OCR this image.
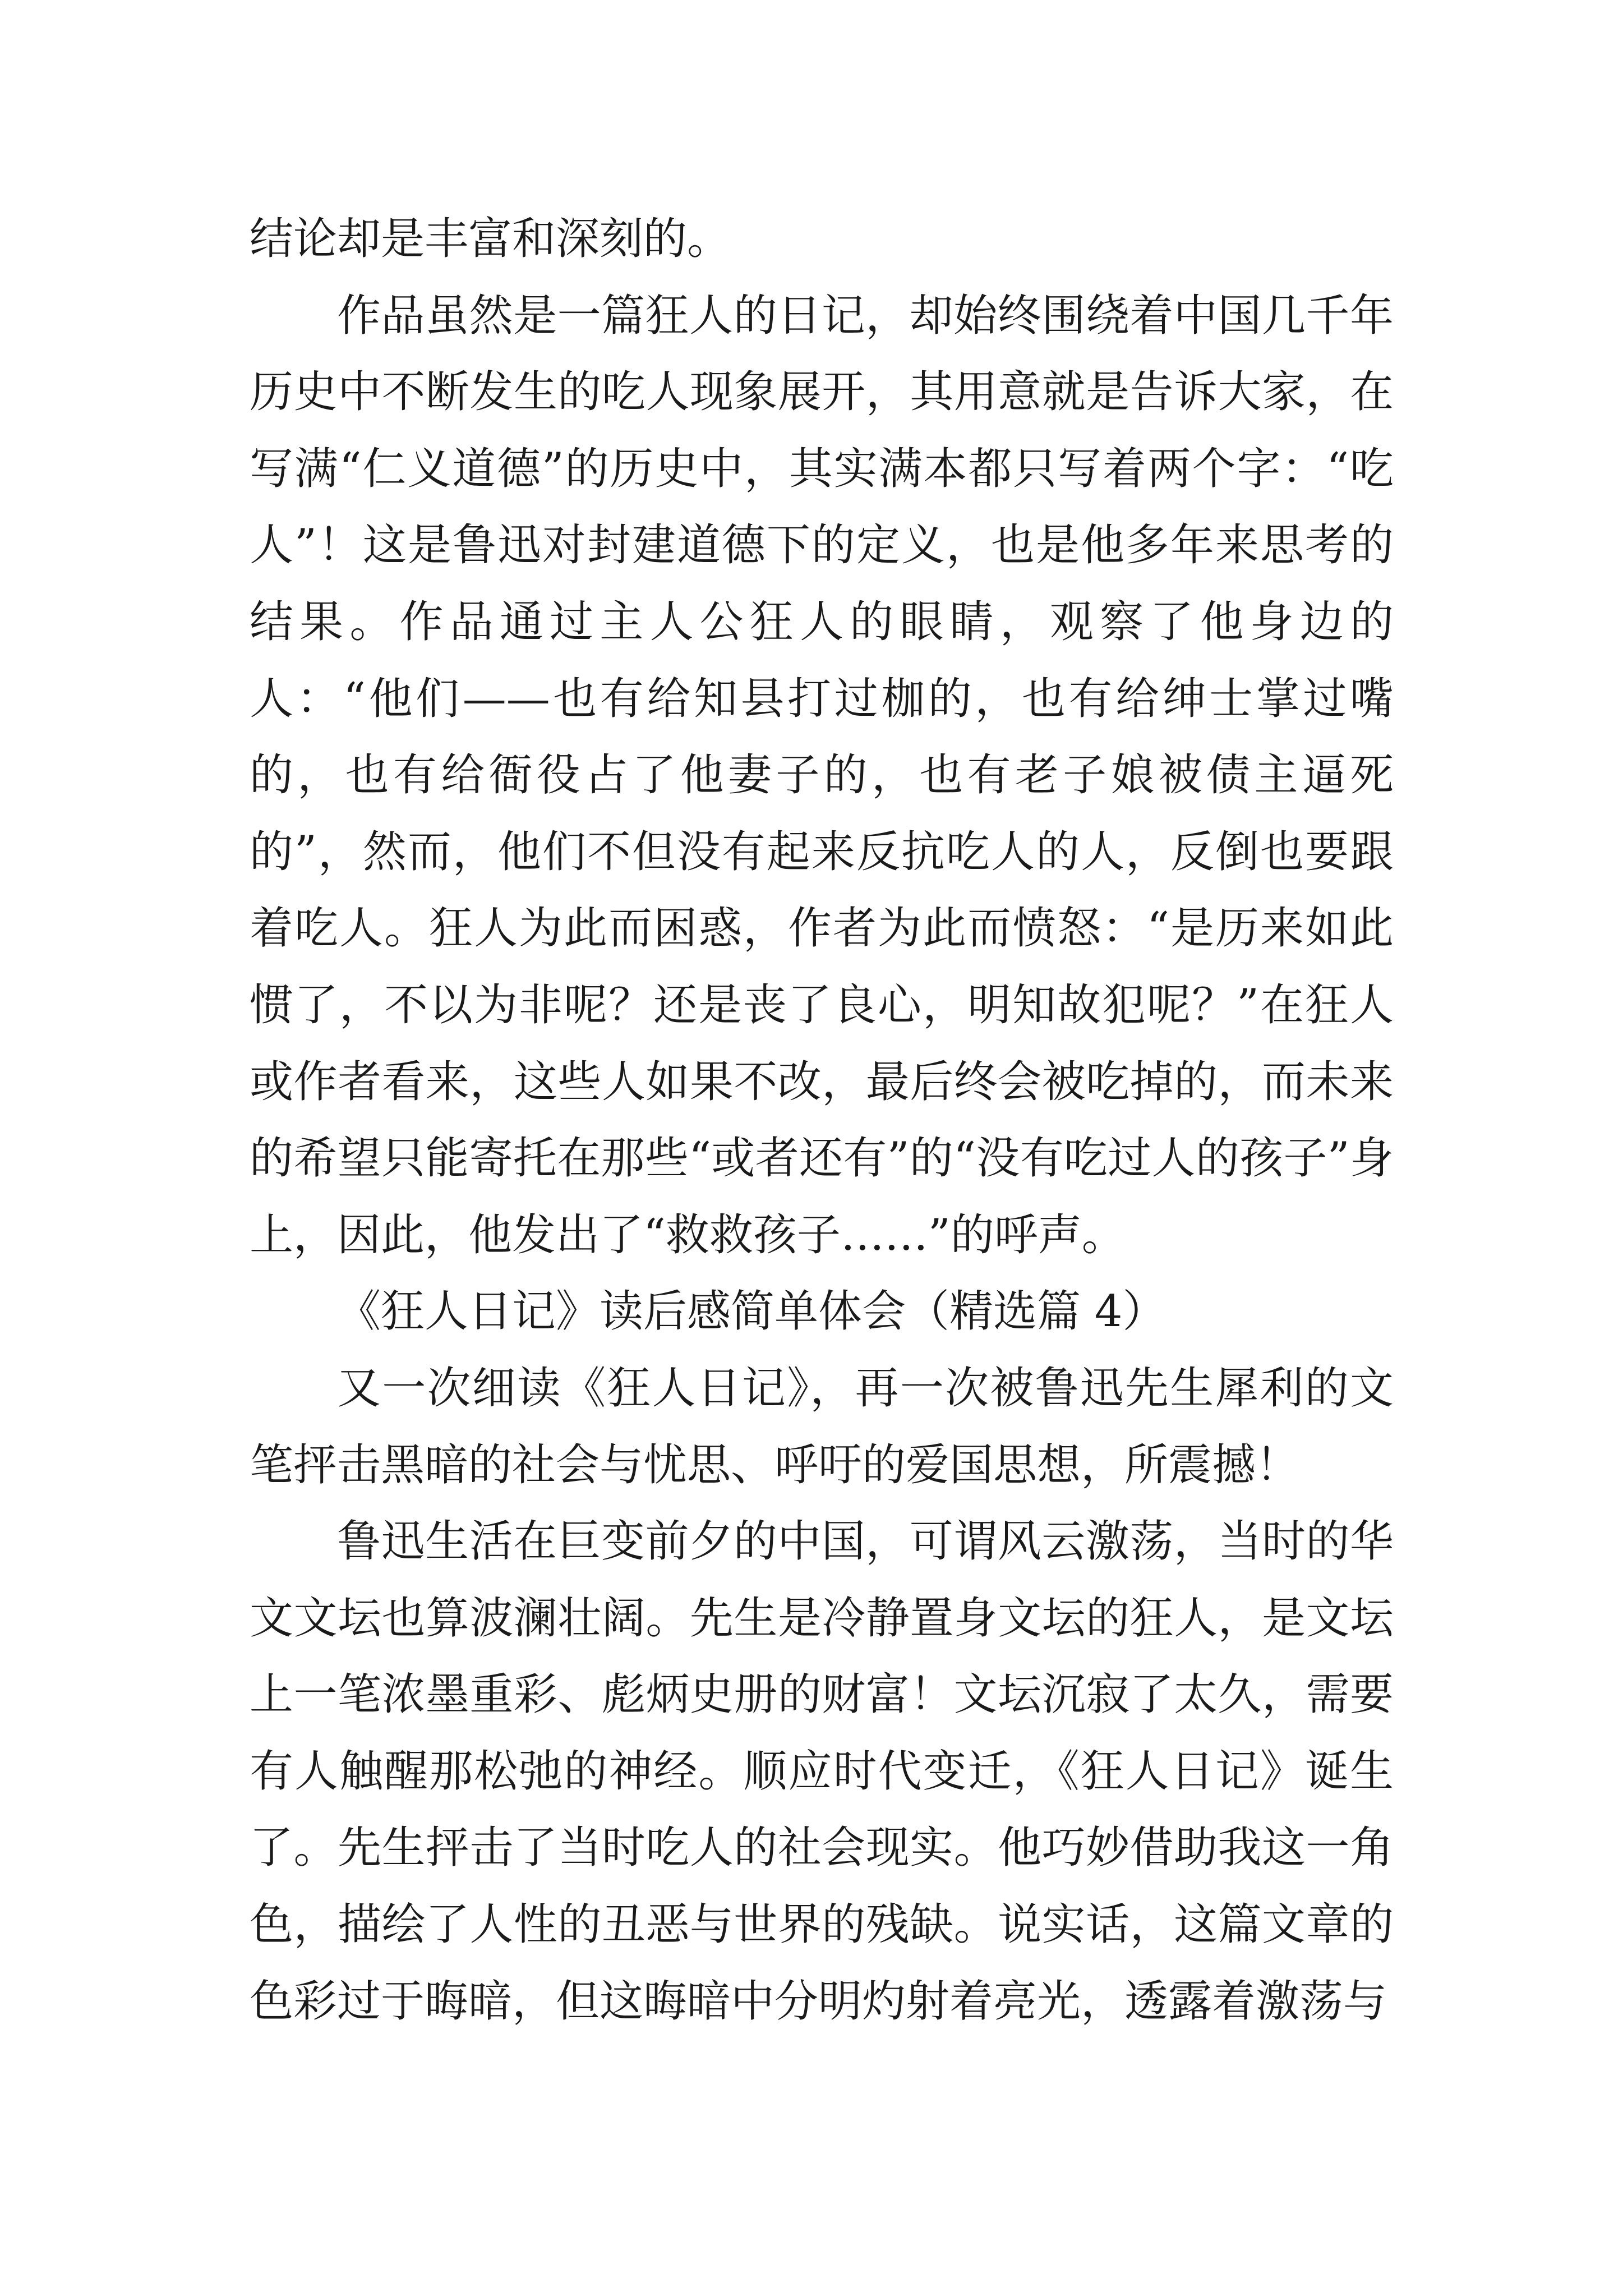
结论却是丰富和深刻的。

作品虽然是一篇狂人的日记，却始终围绕着中国几千年历史中不断发生的吃人现象展开，其用意就是告诉大家，在写满“仁义道德”的历史中，其实满本都只写着两个字：“吃人”！这是鲁迅对封建道德下的定义，也是他多年来思考的结果。作品通过主人公狂人的眼睛，观察了他身边的人：“他们——也有给知县打过枷的，也有给绅士掌过嘴的，也有给衙役占了他妻子的，也有老子娘被债主逼死的”，然而，他们不但没有起来反抗吃人的人，反倒也要跟着吃人。狂人为此而困惑，作者为此而愤怒：“是历来如此惯了，不以为非呢？还是丧了良心，明知故犯呢？”在狂人或作者看来，这些人如果不改，最后终会被吃掉的，而未来的希望只能寄托在那些“或者还有”的“没有吃过人的孩子”身上，因此，他发出了“救救孩子……”的呼声。

《狂人日记》读后感简单体会（精选篇 4）

又一次细读《狂人日记》，再一次被鲁迅先生犀利的文笔抨击黑暗的社会与忧思、呼吁的爱国思想，所震撼！

鲁迅生活在巨变前夕的中国，可谓风云激荡，当时的华文文坛也算波澜壮阔。先生是冷静置身文坛的狂人，是文坛上一笔浓墨重彩、彪炳史册的财富！文坛沉寂了太久，需要有人触醒那松弛的神经。顺应时代变迁，《狂人日记》诞生了。先生抨击了当时吃人的社会现实。他巧妙借助我这一角色，描绘了人性的丑恶与世界的残缺。说实话，这篇文章的色彩过于晦暗，但这晦暗中分明灼射着亮光，透露着激荡与
